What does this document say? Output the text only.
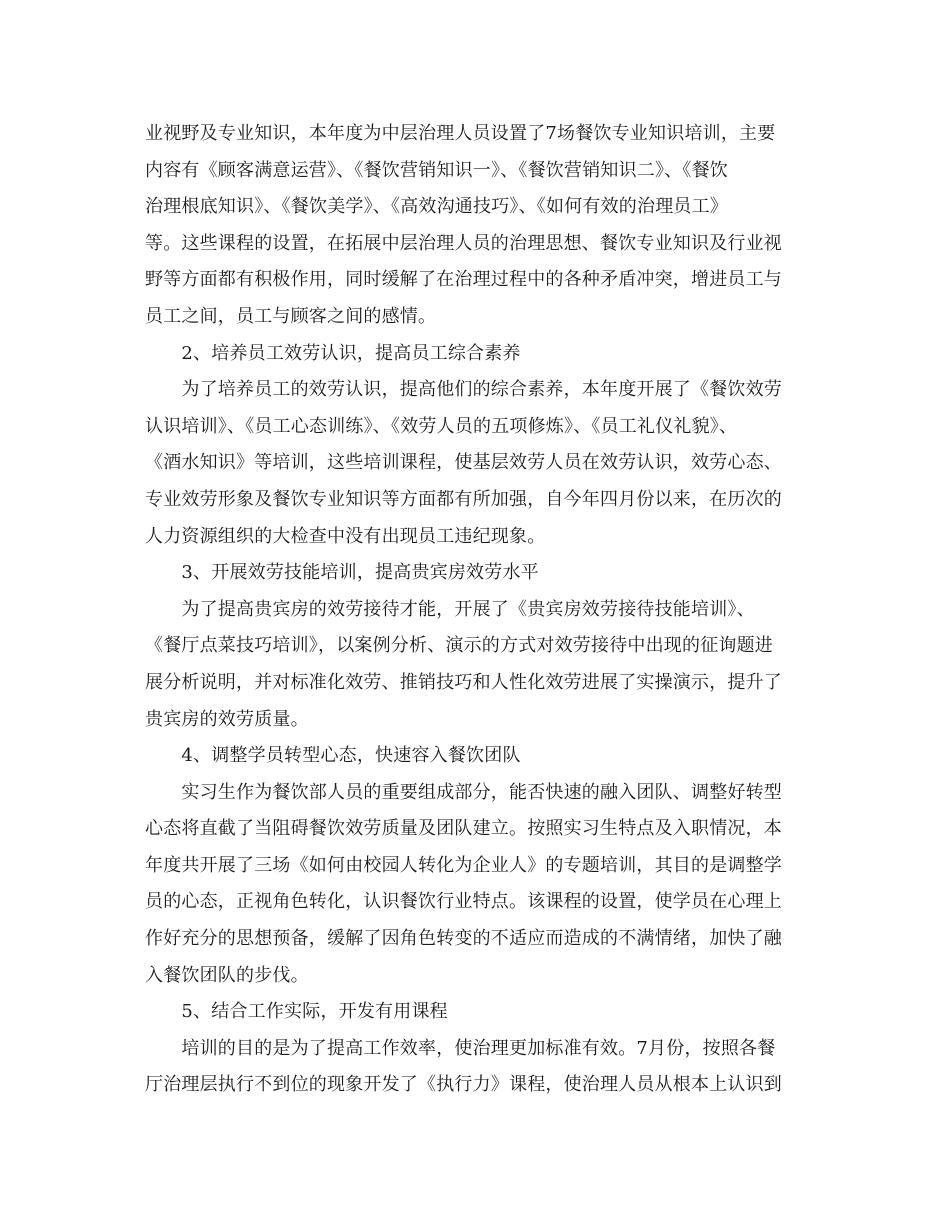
业视野及专业知识，本年度为中层治理人员设置了7场餐饮专业知识培训，主要
内容有《顾客满意运营》、《餐饮营销知识一》、《餐饮营销知识二》、《餐饮
治理根底知识》、《餐饮美学》、《高效沟通技巧》、《如何有效的治理员工》
等。这些课程的设置，在拓展中层治理人员的治理思想、餐饮专业知识及行业视
野等方面都有积极作用，同时缓解了在治理过程中的各种矛盾冲突，增进员工与
员工之间，员工与顾客之间的感情。
　　2、培养员工效劳认识，提高员工综合素养
　　为了培养员工的效劳认识，提高他们的综合素养，本年度开展了《餐饮效劳
认识培训》、《员工心态训练》、《效劳人员的五项修炼》、《员工礼仪礼貌》、
《酒水知识》等培训，这些培训课程，使基层效劳人员在效劳认识，效劳心态、
专业效劳形象及餐饮专业知识等方面都有所加强，自今年四月份以来，在历次的
人力资源组织的大检查中没有出现员工违纪现象。
　　3、开展效劳技能培训，提高贵宾房效劳水平
　　为了提高贵宾房的效劳接待才能，开展了《贵宾房效劳接待技能培训》、
《餐厅点菜技巧培训》，以案例分析、演示的方式对效劳接待中出现的征询题进
展分析说明，并对标准化效劳、推销技巧和人性化效劳进展了实操演示，提升了
贵宾房的效劳质量。
　　4、调整学员转型心态，快速容入餐饮团队
　　实习生作为餐饮部人员的重要组成部分，能否快速的融入团队、调整好转型
心态将直截了当阻碍餐饮效劳质量及团队建立。按照实习生特点及入职情况，本
年度共开展了三场《如何由校园人转化为企业人》的专题培训，其目的是调整学
员的心态，正视角色转化，认识餐饮行业特点。该课程的设置，使学员在心理上
作好充分的思想预备，缓解了因角色转变的不适应而造成的不满情绪，加快了融
入餐饮团队的步伐。
　　5、结合工作实际，开发有用课程
　　培训的目的是为了提高工作效率，使治理更加标准有效。7月份，按照各餐
厅治理层执行不到位的现象开发了《执行力》课程，使治理人员从根本上认识到
